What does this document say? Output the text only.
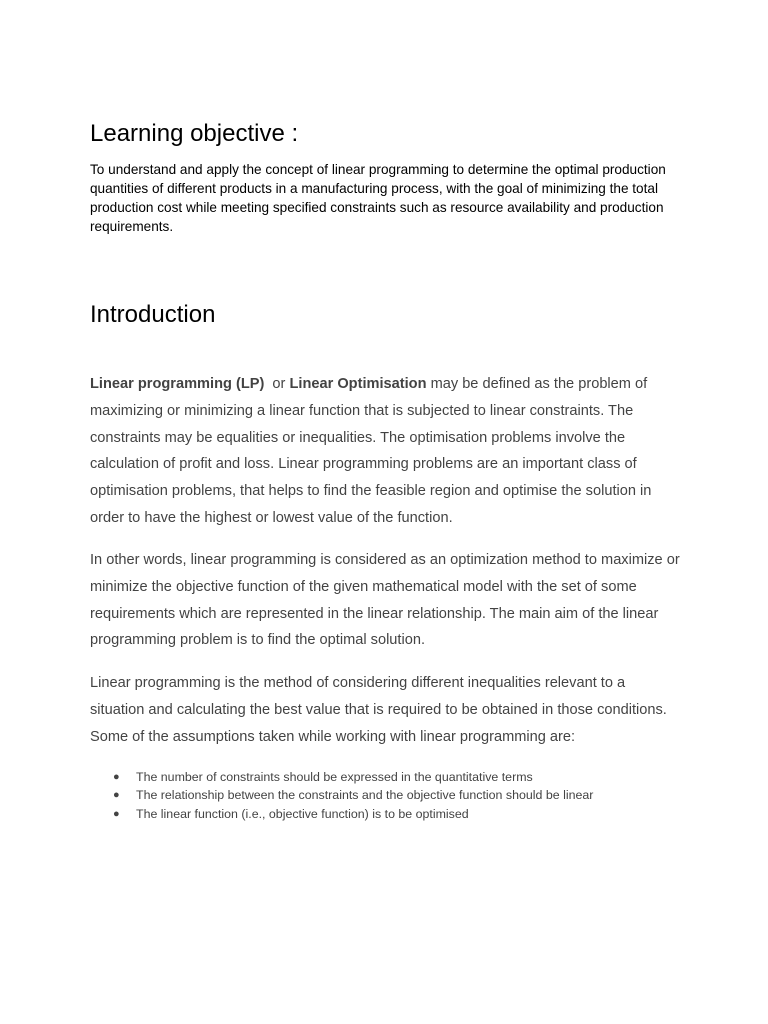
Learning objective :

To understand and apply the concept of linear programming to determine the optimal production quantities of different products in a manufacturing process, with the goal of minimizing the total production cost while meeting specified constraints such as resource availability and production requirements.

Introduction

Linear programming (LP)  or Linear Optimisation may be defined as the problem of maximizing or minimizing a linear function that is subjected to linear constraints. The constraints may be equalities or inequalities. The optimisation problems involve the calculation of profit and loss. Linear programming problems are an important class of optimisation problems, that helps to find the feasible region and optimise the solution in order to have the highest or lowest value of the function.

In other words, linear programming is considered as an optimization method to maximize or minimize the objective function of the given mathematical model with the set of some requirements which are represented in the linear relationship. The main aim of the linear programming problem is to find the optimal solution.

Linear programming is the method of considering different inequalities relevant to a situation and calculating the best value that is required to be obtained in those conditions. Some of the assumptions taken while working with linear programming are:

● The number of constraints should be expressed in the quantitative terms
● The relationship between the constraints and the objective function should be linear
● The linear function (i.e., objective function) is to be optimised
